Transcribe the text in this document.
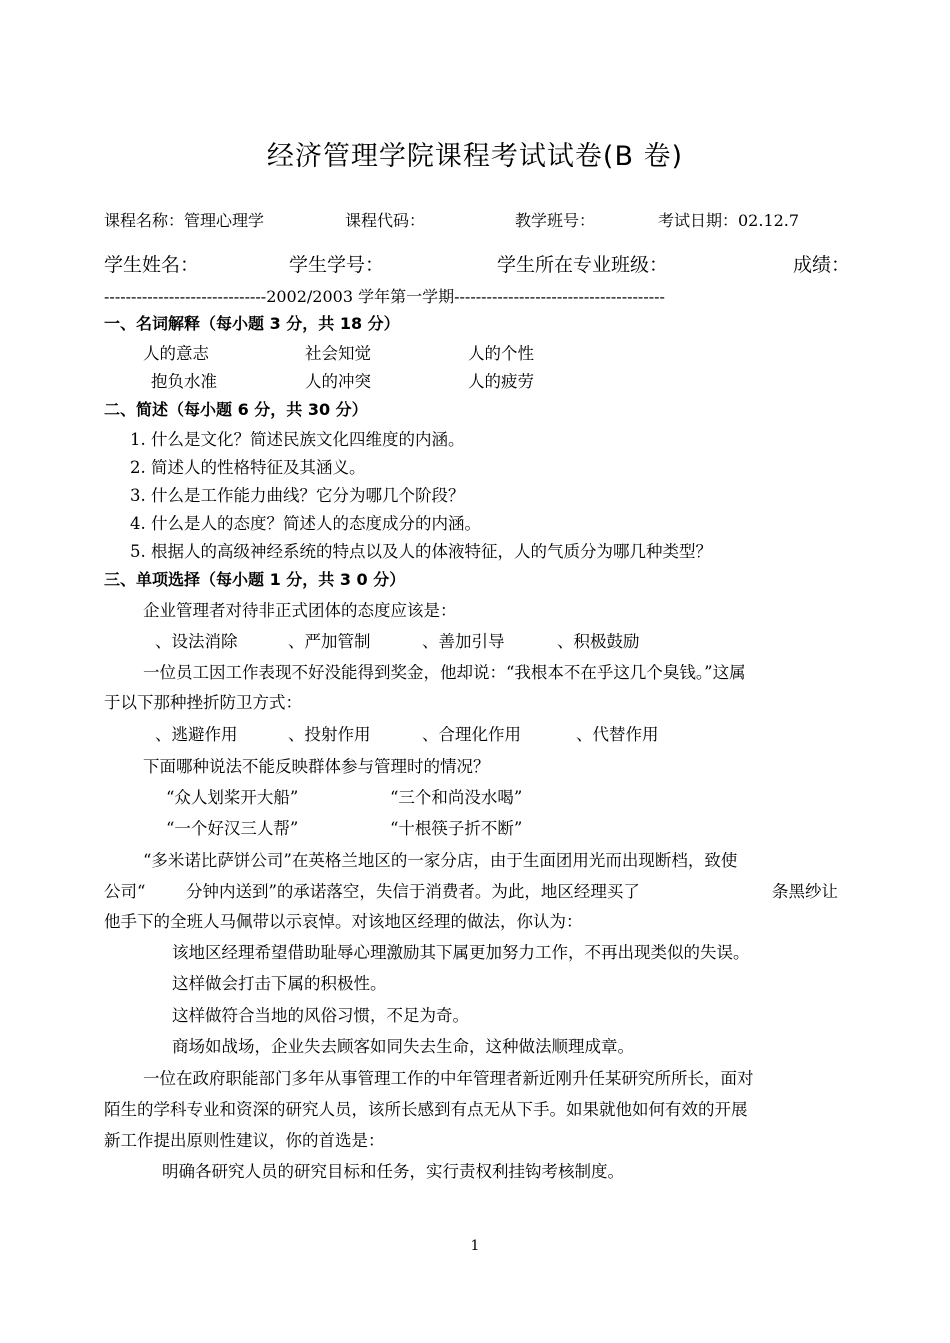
经济管理学院课程考试试卷(B 卷)
课程名称：管理心理学	课程代码：	教学班号：	考试日期：02.12.7
学生姓名：	学生学号：	学生所在专业班级：	成绩：
------------------------------2002/2003 学年第一学期---------------------------------------
一、名词解释（每小题 3 分，共 18 分）
人的意志	社会知觉	人的个性
抱负水准	人的冲突	人的疲劳
二、简述（每小题 6 分，共 30 分）
1. 什么是文化？简述民族文化四维度的内涵。
2. 简述人的性格特征及其涵义。
3. 什么是工作能力曲线？它分为哪几个阶段？
4. 什么是人的态度？简述人的态度成分的内涵。
5. 根据人的高级神经系统的特点以及人的体液特征，人的气质分为哪几种类型？
三、单项选择（每小题 1 分，共 3 0 分）
企业管理者对待非正式团体的态度应该是：
、设法消除	、严加管制	、善加引导	、积极鼓励
一位员工因工作表现不好没能得到奖金，他却说：“我根本不在乎这几个臭钱。”这属
于以下那种挫折防卫方式：
、逃避作用	、投射作用	、合理化作用	、代替作用
下面哪种说法不能反映群体参与管理时的情况？
“众人划桨开大船”	“三个和尚没水喝”
“一个好汉三人帮”	“十根筷子折不断”
“多米诺比萨饼公司”在英格兰地区的一家分店，由于生面团用光而出现断档，致使
公司“ 分钟内送到”的承诺落空，失信于消费者。为此，地区经理买了	条黑纱让
他手下的全班人马佩带以示哀悼。对该地区经理的做法，你认为：
该地区经理希望借助耻辱心理激励其下属更加努力工作，不再出现类似的失误。
这样做会打击下属的积极性。
这样做符合当地的风俗习惯，不足为奇。
商场如战场，企业失去顾客如同失去生命，这种做法顺理成章。
一位在政府职能部门多年从事管理工作的中年管理者新近刚升任某研究所所长，面对
陌生的学科专业和资深的研究人员，该所长感到有点无从下手。如果就他如何有效的开展
新工作提出原则性建议，你的首选是：
明确各研究人员的研究目标和任务，实行责权利挂钩考核制度。
1
